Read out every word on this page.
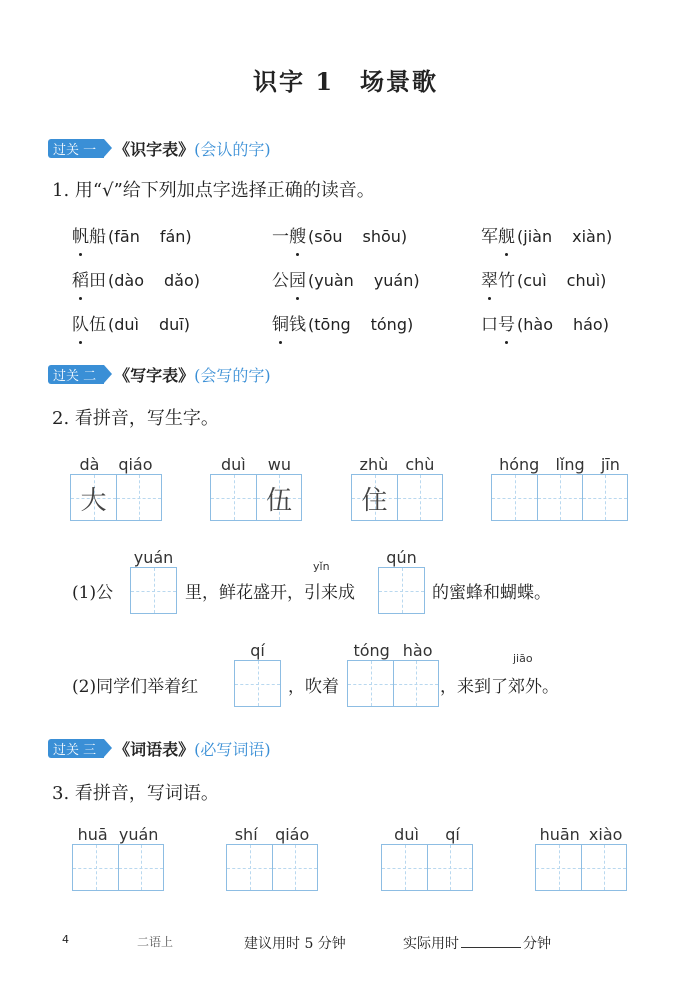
识字 1 场景歌
过关 一	《识字表》 (会认的字)
1. 用“√”给下列加点字选择正确的读音。
帆船 (fān fán)	一艘 (sōu shōu)	军舰 (jiàn xiàn)
稻田 (dào dǎo)	公园 (yuàn yuán)	翠竹 (cuì chuì)
队伍 (duì duī)	铜钱 (tōng tóng)	口号 (hào háo)
过关 二	《写字表》 (会写的字)
2. 看拼音，写生字。
dà qiáo
大
duì wu
伍
zhù chù
住
hóng lǐng jīn
(1)公
yuán
里，鲜花盛开，引来成
yǐn	qún
的蜜蜂和蝴蝶。
(2)同学们举着红
qí
，吹着
tóng hào	jiāo
，来到了郊外。
过关 三	《词语表》 (必写词语)
3. 看拼音，写词语。
huā yuán	shí qiáo	duì qí	huān xiào
4	二语上	建议用时 5 分钟	实际用时	分钟
